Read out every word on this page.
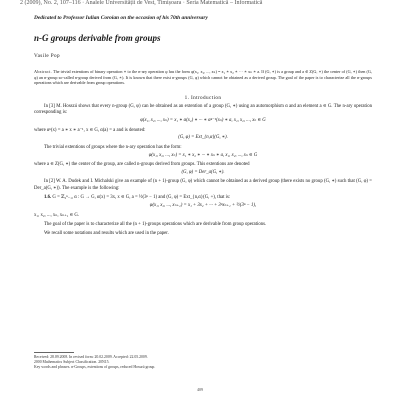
2 (2009), No. 2, 107–116 · Analele Universității de Vest, Timișoara · Seria Matematică – Informatică
Dedicated to Professor Iulian Coroian on the occasion of his 70th anniversary
n-G groups derivable from groups
Vasile Pop
Abstract. The trivial extentions of binary operation ∗ to the n-ary operation φ has the form φ(x₁, x₂, ..., xₙ) = x₁ ∗ x₂ ∗ ··· ∗ xₙ ∗ a. If (G, ∗) is a group and a ∈ Z(G, ∗) the center of (G, ∗) then (G, φ) an n-group so-called n-group derived from (G, ∗). It is known that there exist n-groups (G, φ) which cannot be obtained as a derived group. The goal of the paper is to characterize all the n-groups operations which are derivable from group operations.
1. Introduction

In [3] M. Hosszú shows that every n-group (G, φ) can be obtained as an extention of a group (G, ∗) using an automorphism α and an element a ∈ G. The n-ary operation corresponding is:

φ(x₁, x₂, ..., xₙ) = x₁ ∗ α(x₂) ∗ ··· ∗ αⁿ⁻¹(xₙ) ∗ a, x₁, x₂, ..., xₙ ∈ G

where αⁿ(x) = a ∗ x ∗ a⁻¹, x ∈ G, α(a) = a and is denoted:

(G, φ) = Ext_{n,α}(G, ∗).

The trivial extentions of groups where the n-ary operation has the form:

φ(x₁, x₂, ..., xₙ) = x₁ ∗ x₂ ∗ ··· ∗ xₙ ∗ a, x₁, x₂, ..., xₙ ∈ G

where a ∈ Z(G, ∗) the center of the group, are called n-groups derived from groups. This extentions are denoted

(G, φ) = Der_a(G, ∗).

In [2] W. A. Dudek and I. Michalski give an example of (n + 1)-group (G, φ) which cannot be obtained as a derived group (there exists no group (G, ∗) such that (G, φ) = Der_a(G, ∗)). The example is the following:

1.6. G = ℤ₂ⁿ₋₁, α : G → G, α(x) = 3x, x ∈ G, a = ½(3ⁿ − 1) and (G, φ) = Ext_{n,α}(G, +), that is:

φ(x₁, x₂, ..., xₙ₊₁) = x₁ + 3x₂ + ··· + 3ⁿxₙ₊₁ + ½(3ⁿ − 1),

x₁, x₂, ..., xₙ, xₙ₊₁ ∈ G.

The goal of the paper is to characterize all the (n + 1)-groups operations which are derivable from group operations.

We recall some notations and results which are used in the paper.

Received: 28.09.2008. In revised form: 20.02.2009. Accepted: 22.05.2009.
2000 Mathematics Subject Classification. 20N15.
Key words and phrases. n-Groups, extentions of groups, reduced Hosszú group.
409
